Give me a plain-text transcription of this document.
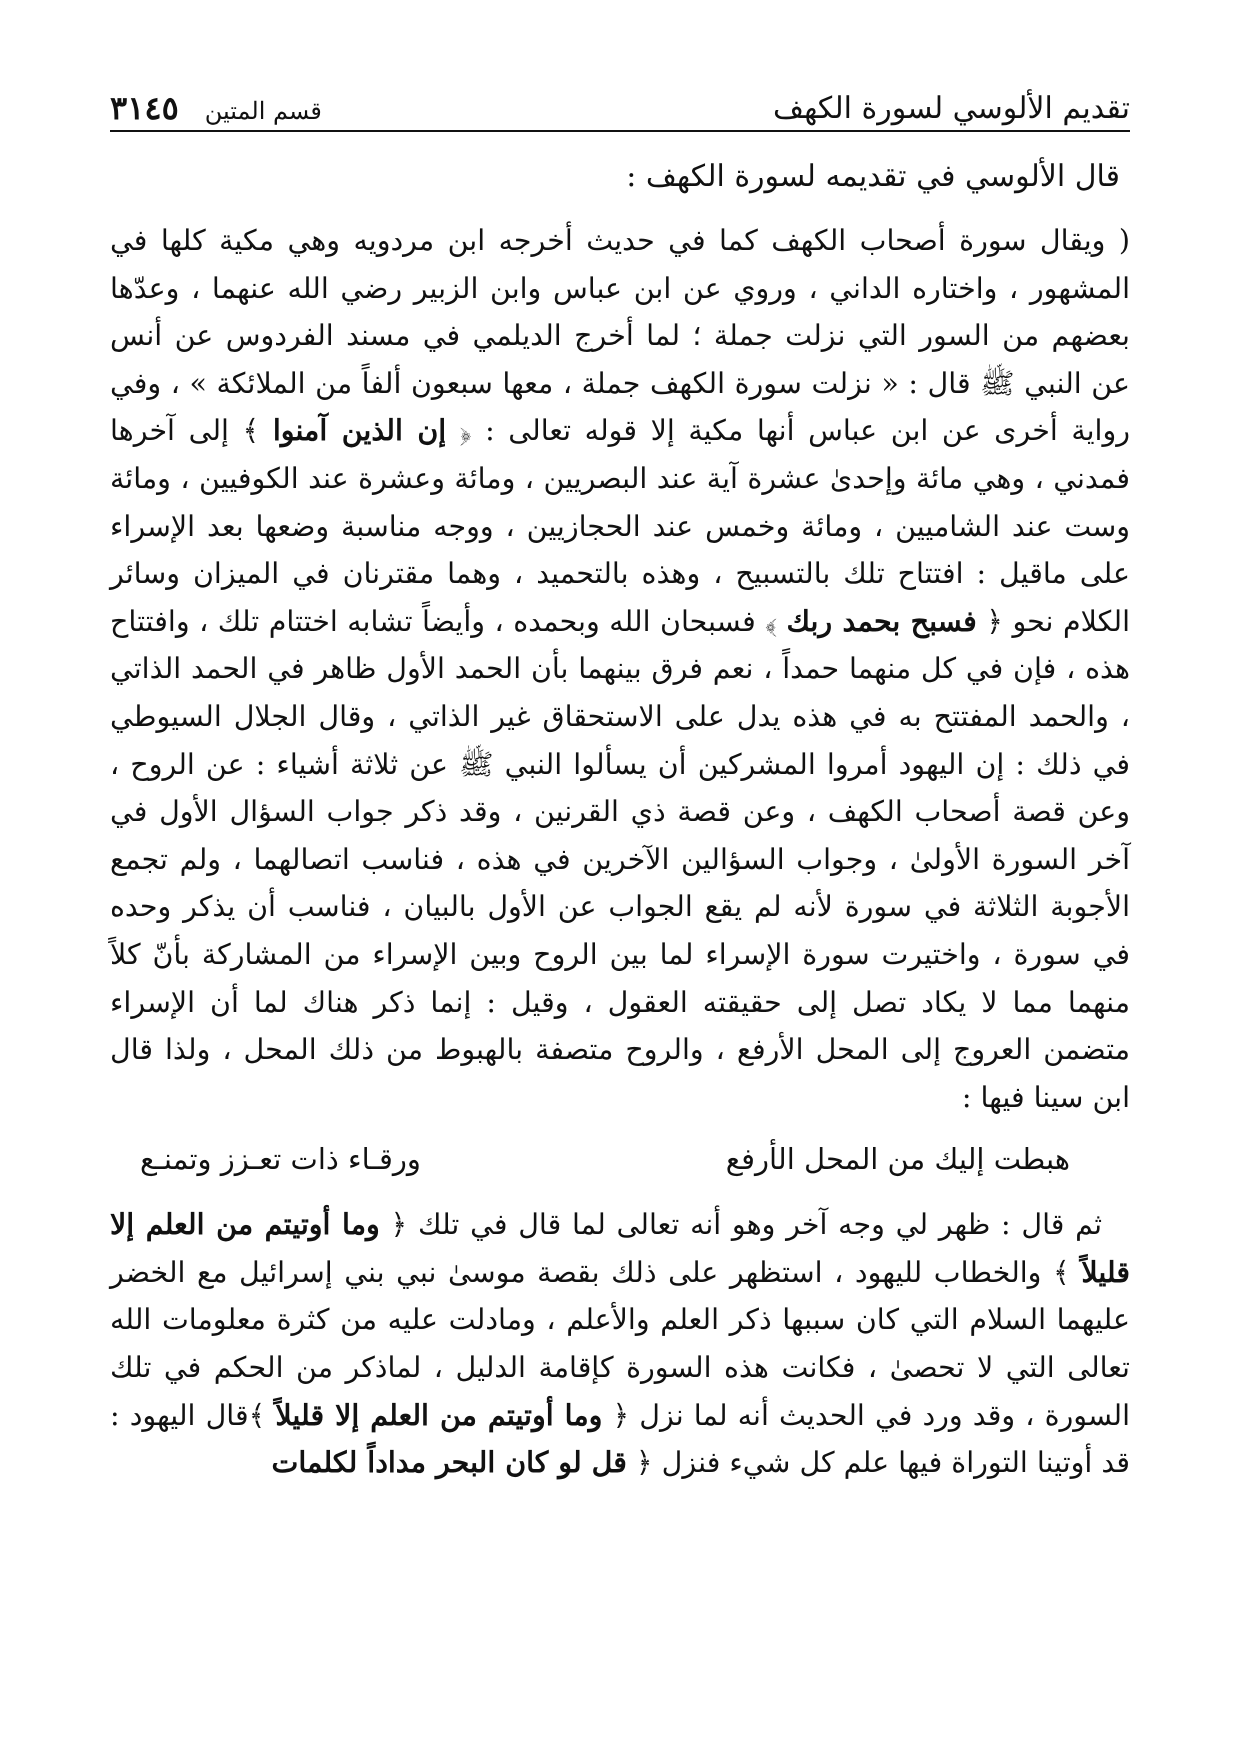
تقديم الألوسي لسورة الكهف
قسم المتين
٣١٤٥
قال الألوسي في تقديمه لسورة الكهف :

( ويقال سورة أصحاب الكهف كما في حديث أخرجه ابن مردويه وهي مكية كلها في المشهور ، واختاره الداني ، وروي عن ابن عباس وابن الزبير رضي الله عنهما ، وعدّها بعضهم من السور التي نزلت جملة ؛ لما أخرج الديلمي في مسند الفردوس عن أنس عن النبي ﷺ قال : « نزلت سورة الكهف جملة ، معها سبعون ألفاً من الملائكة » ، وفي رواية أخرى عن ابن عباس أنها مكية إلا قوله تعالى : ﴿ إن الذين آمنوا ﴾ إلى آخرها فمدني ، وهي مائة وإحدىٰ عشرة آية عند البصريين ، ومائة وعشرة عند الكوفيين ، ومائة وست عند الشاميين ، ومائة وخمس عند الحجازيين ، ووجه مناسبة وضعها بعد الإسراء على ماقيل : افتتاح تلك بالتسبيح ، وهذه بالتحميد ، وهما مقترنان في الميزان وسائر الكلام نحو ﴿ فسبح بحمد ربك ﴾ فسبحان الله وبحمده ، وأيضاً تشابه اختتام تلك ، وافتتاح هذه ، فإن في كل منهما حمداً ، نعم فرق بينهما بأن الحمد الأول ظاهر في الحمد الذاتي ، والحمد المفتتح به في هذه يدل على الاستحقاق غير الذاتي ، وقال الجلال السيوطي في ذلك : إن اليهود أمروا المشركين أن يسألوا النبي ﷺ عن ثلاثة أشياء : عن الروح ، وعن قصة أصحاب الكهف ، وعن قصة ذي القرنين ، وقد ذكر جواب السؤال الأول في آخر السورة الأولىٰ ، وجواب السؤالين الآخرين في هذه ، فناسب اتصالهما ، ولم تجمع الأجوبة الثلاثة في سورة لأنه لم يقع الجواب عن الأول بالبيان ، فناسب أن يذكر وحده في سورة ، واختيرت سورة الإسراء لما بين الروح وبين الإسراء من المشاركة بأنّ كلاً منهما مما لا يكاد تصل إلى حقيقته العقول ، وقيل : إنما ذكر هناك لما أن الإسراء متضمن العروج إلى المحل الأرفع ، والروح متصفة بالهبوط من ذلك المحل ، ولذا قال ابن سينا فيها :

هبطت إليك من المحل الأرفع
ورقـاء ذات تعـزز وتمنـع

ثم قال : ظهر لي وجه آخر وهو أنه تعالى لما قال في تلك ﴿ وما أوتيتم من العلم إلا قليلاً ﴾ والخطاب لليهود ، استظهر على ذلك بقصة موسىٰ نبي بني إسرائيل مع الخضر عليهما السلام التي كان سببها ذكر العلم والأعلم ، ومادلت عليه من كثرة معلومات الله تعالى التي لا تحصىٰ ، فكانت هذه السورة كإقامة الدليل ، لماذكر من الحكم في تلك السورة ، وقد ورد في الحديث أنه لما نزل ﴿ وما أوتيتم من العلم إلا قليلاً ﴾قال اليهود : قد أوتينا التوراة فيها علم كل شيء فنزل ﴿ قل لو كان البحر مداداً لكلمات
